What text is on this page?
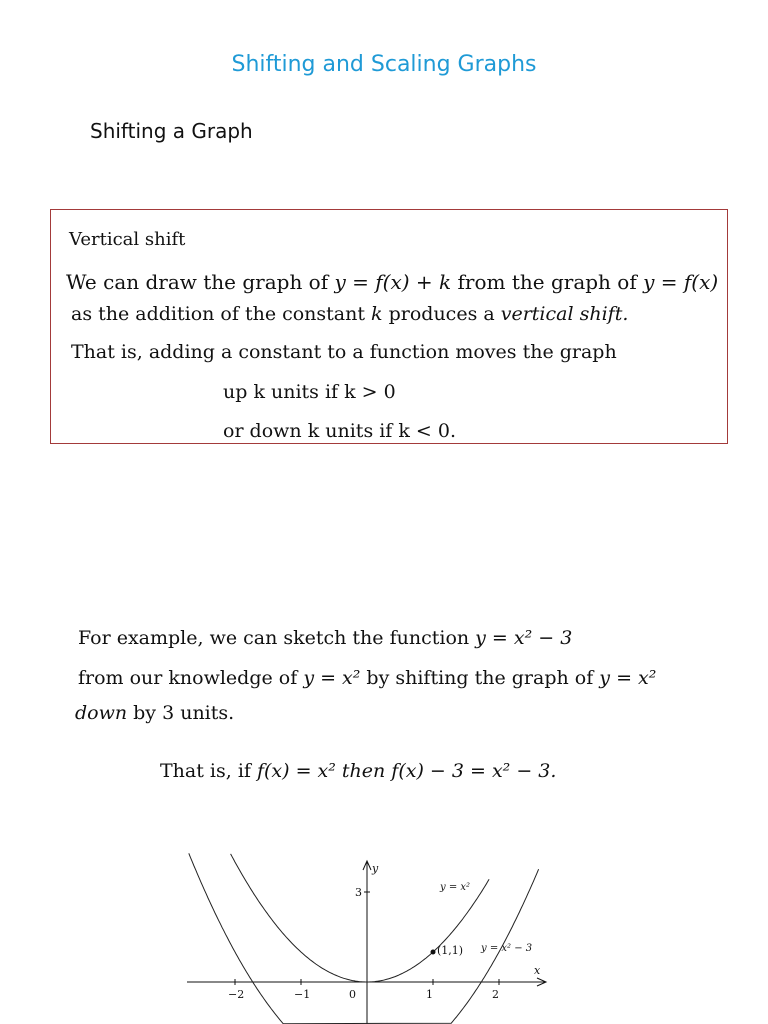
Shifting and Scaling Graphs
Shifting a Graph
Vertical shift
We can draw the graph of y = f(x) + k from the graph of y = f(x)
as the addition of the constant k produces a vertical shift.
That is, adding a constant to a function moves the graph
up k units if k > 0
or down k units if k < 0.
For example, we can sketch the function y = x² − 3
from our knowledge of y = x² by shifting the graph of y = x²
down by 3 units.
That is, if f(x) = x² then f(x) − 3 = x² − 3.
x
y
−2	−1	0	1	2
3	y = x²
y = x² − 3
(1,1)
